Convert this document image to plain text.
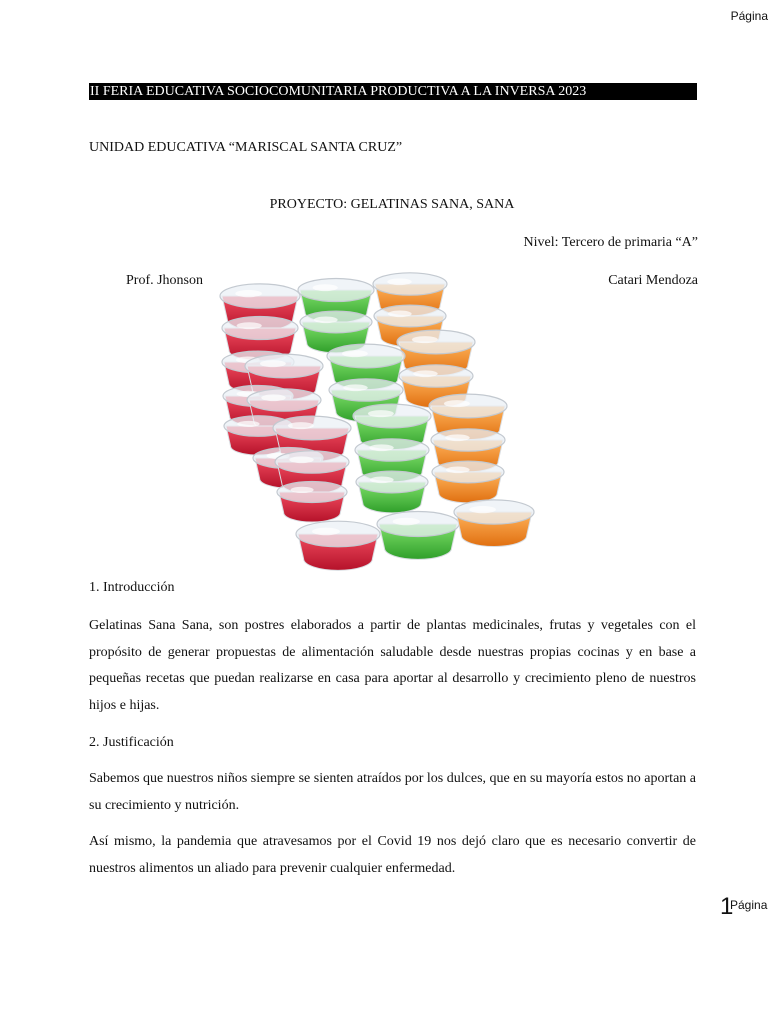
Página
II FERIA EDUCATIVA SOCIOCOMUNITARIA PRODUCTIVA A LA INVERSA 2023
UNIDAD EDUCATIVA “MARISCAL SANTA CRUZ”
PROYECTO: GELATINAS SANA, SANA
Nivel: Tercero de primaria “A”
Prof. Jhonson	Catari Mendoza
1. Introducción
Gelatinas Sana Sana, son postres elaborados a partir de plantas medicinales, frutas y vegetales con el propósito de generar propuestas de alimentación saludable desde nuestras propias cocinas y en base a pequeñas recetas que puedan realizarse en casa para aportar al desarrollo y crecimiento pleno de nuestros hijos e hijas.
2. Justificación
Sabemos que nuestros niños siempre se sienten atraídos por los dulces, que en su mayoría estos no aportan a su crecimiento y nutrición.
Así mismo, la pandemia que atravesamos por el Covid 19 nos dejó claro que es necesario convertir de nuestros alimentos un aliado para prevenir cualquier enfermedad.
1
Página
